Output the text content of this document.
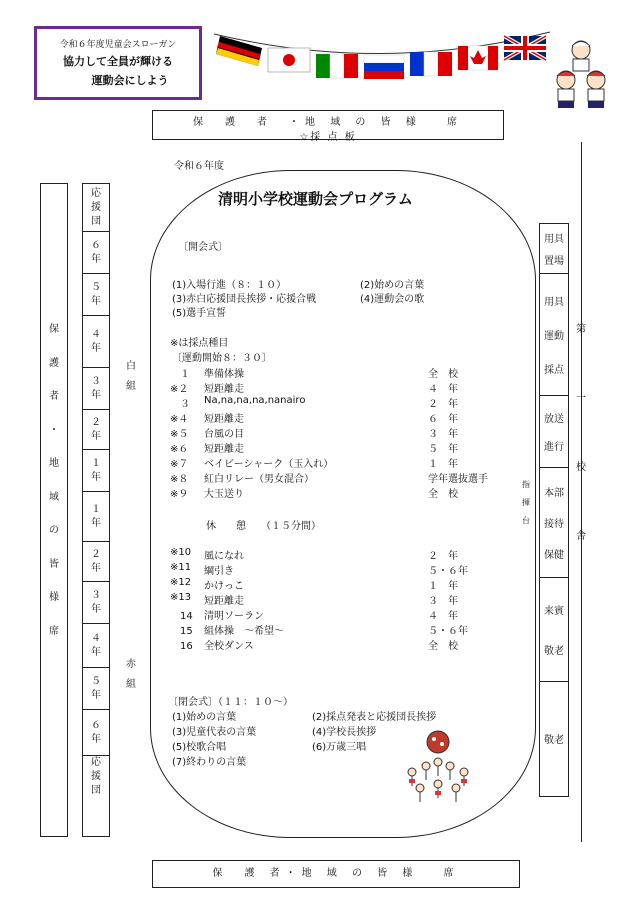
令和６年度児童会スローガン
協力して全員が輝ける
運動会にしよう
保　護　者　・地 域 の 皆 様　 席
☆採 点 板
保
護
者
・
地
域
の
皆
様
席
応
援
団
６
年
５
年
４
年
３
年
２
年
１
年
１
年
２
年
３
年
４
年
５
年
６
年
応
援
団
白
組
赤
組
令和６年度
清明小学校運動会プログラム
〔開会式〕
(1)入場行進（８：１０）	(2)始めの言葉
(3)赤白応援団長挨拶・応援合戦	(4)運動会の歌
(5)選手宣誓
※は採点種目
〔運動開始８：３０〕
　１ 準備体操	全　校
※２ 短距離走	４　年
　３ Na,na,na,na,nanairo	２　年
※４ 短距離走	６　年
※５ 台風の目	３　年
※６ 短距離走	５　年
※７ ベイビーシャーク（玉入れ）	１　年
※８ 紅白リレー（男女混合）	学年選抜選手
※９ 大玉送り	全　校
休　　憩　　（１５分間）
※10 風になれ	２　年
※11 綱引き	５・６年
※12 かけっこ	１　年
※13 短距離走	３　年
　14 清明ソーラン	４　年
　15 組体操　～希望～	５・６年
　16 全校ダンス	全　校
〔閉会式〕（１１：１０～）
(1)始めの言葉	(2)採点発表と応援団長挨拶
(3)児童代表の言葉	(4)学校長挨拶
(5)校歌合唱	(6)万歳三唱
(7)終わりの言葉
指
揮
台
用具
置場
用具
運動
採点
放送
進行
本部
接待
保健
来賓
敬老
敬老
第
一
校
舎
保　護 者・地 域 の 皆 様　 席
